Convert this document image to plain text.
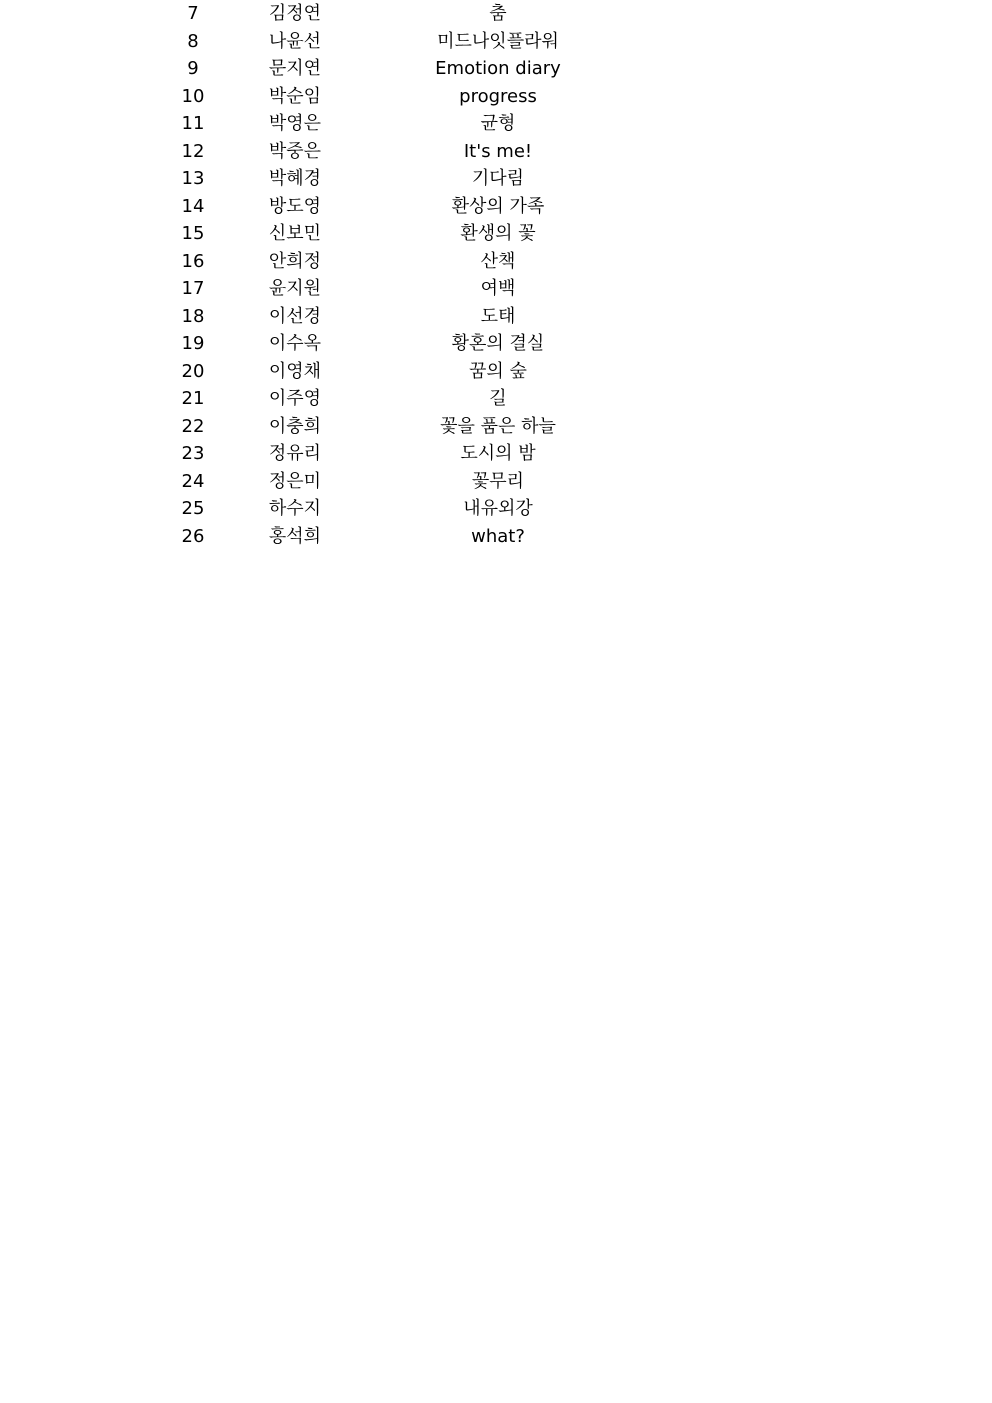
7	김정연	춤
8	나윤선	미드나잇플라워
9	문지연	Emotion diary
10	박순임	progress
11	박영은	균형
12	박중은	It's me!
13	박혜경	기다림
14	방도영	환상의 가족
15	신보민	환생의 꽃
16	안희정	산책
17	윤지원	여백
18	이선경	도태
19	이수옥	황혼의 결실
20	이영채	꿈의 숲
21	이주영	길
22	이충희	꽃을 품은 하늘
23	정유리	도시의 밤
24	정은미	꽃무리
25	하수지	내유외강
26	홍석희	what?
